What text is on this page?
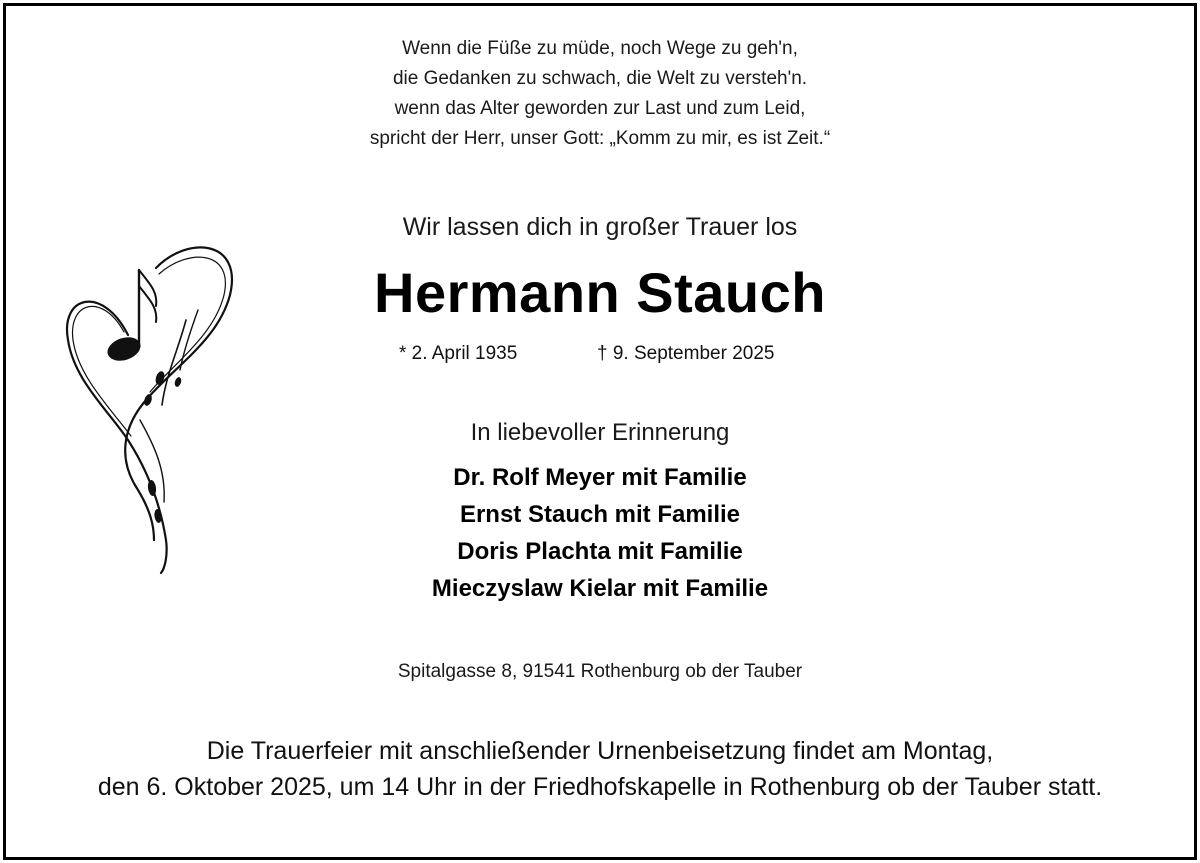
Wenn die Füße zu müde, noch Wege zu geh'n,
die Gedanken zu schwach, die Welt zu versteh'n.
wenn das Alter geworden zur Last und zum Leid,
spricht der Herr, unser Gott: „Komm zu mir, es ist Zeit.“
Wir lassen dich in großer Trauer los
Hermann Stauch
* 2. April 1935	† 9. September 2025
In liebevoller Erinnerung
Dr. Rolf Meyer mit Familie
Ernst Stauch mit Familie
Doris Plachta mit Familie
Mieczyslaw Kielar mit Familie
Spitalgasse 8, 91541 Rothenburg ob der Tauber
Die Trauerfeier mit anschließender Urnenbeisetzung findet am Montag,
den 6. Oktober 2025, um 14 Uhr in der Friedhofskapelle in Rothenburg ob der Tauber statt.
